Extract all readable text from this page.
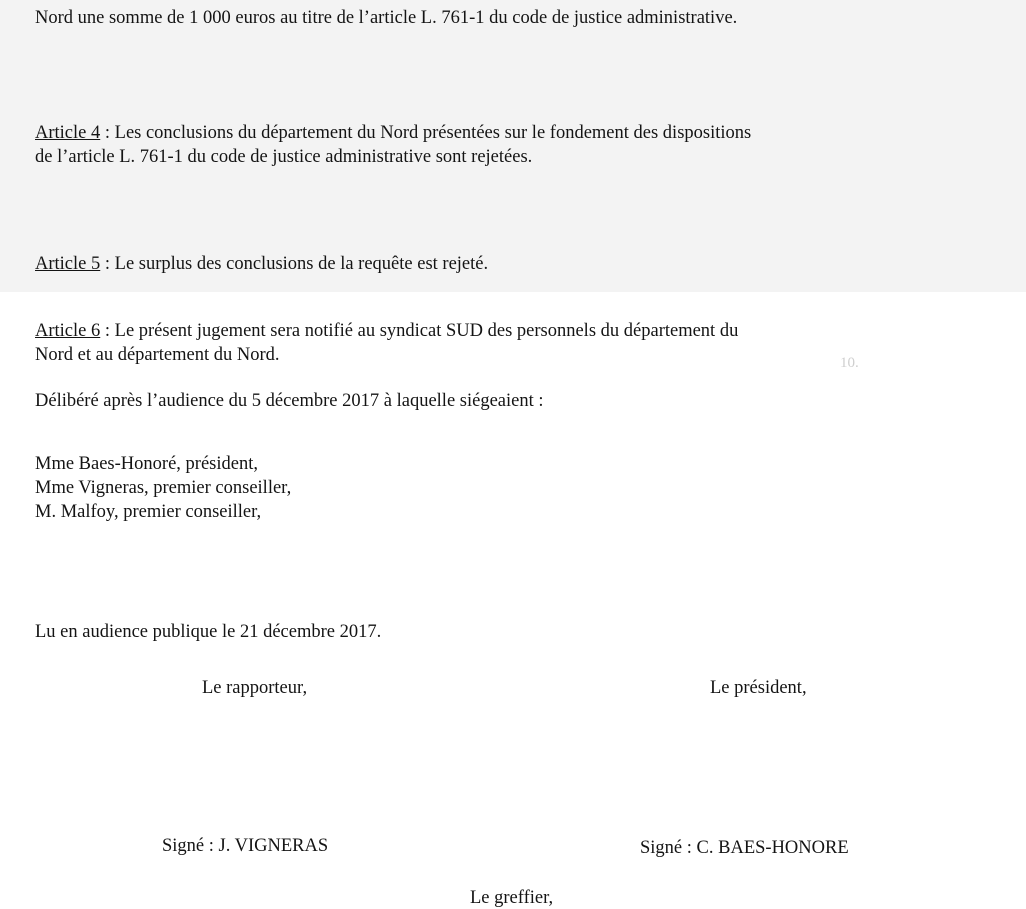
10.

Nord une somme de 1 000 euros au titre de l’article L. 761-1 du code de justice administrative.
Article 4 : Les conclusions du département du Nord présentées sur le fondement des dispositions
de l’article L. 761-1 du code de justice administrative sont rejetées.
Article 5 : Le surplus des conclusions de la requête est rejeté.
Article 6 : Le présent jugement sera notifié au syndicat SUD des personnels du département du
Nord et au département du Nord.
Délibéré après l’audience du 5 décembre 2017 à laquelle siégeaient :
Mme Baes-Honoré, président,
Mme Vigneras, premier conseiller,
M. Malfoy, premier conseiller,
Lu en audience publique le 21 décembre 2017.
Le rapporteur,	Le président,
Signé : J. VIGNERAS	Signé : C. BAES-HONORE
Le greffier,
